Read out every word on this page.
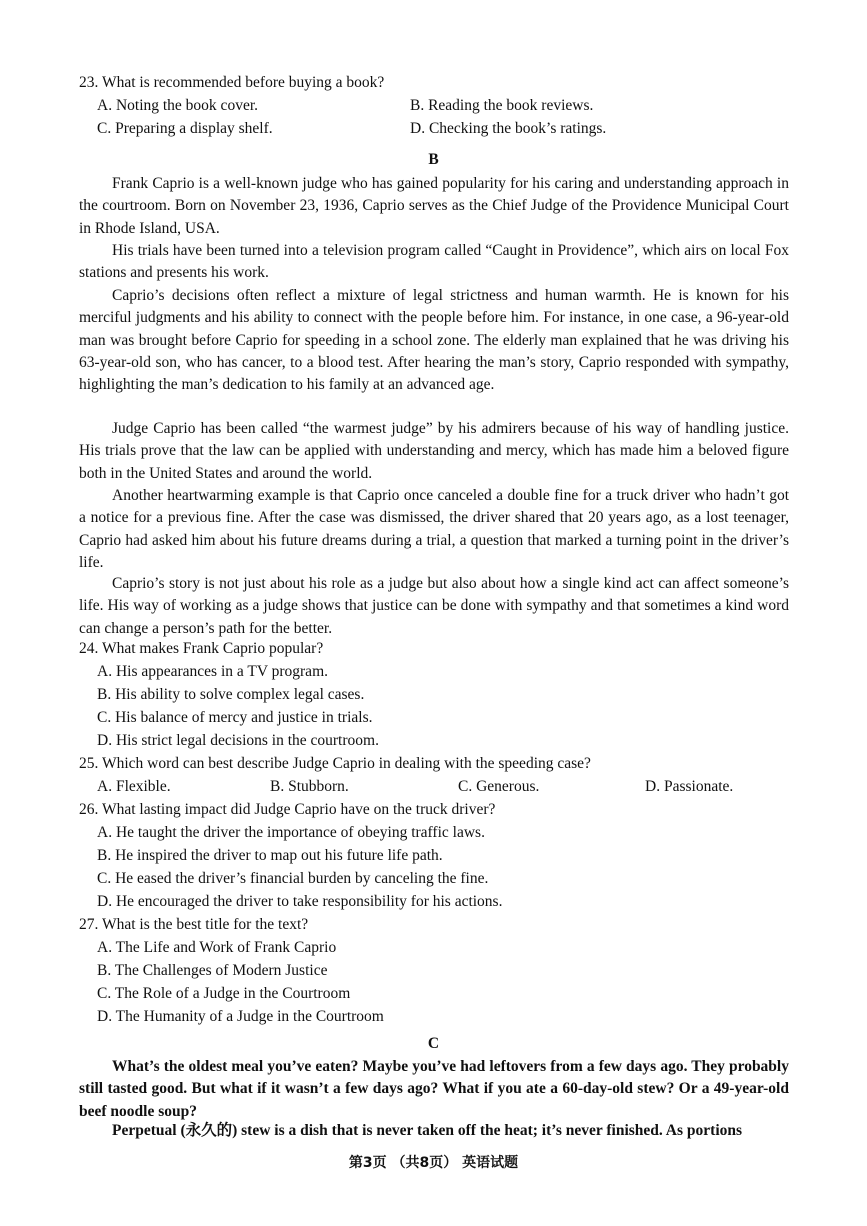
23. What is recommended before buying a book?
A. Noting the book cover.	B. Reading the book reviews.
C. Preparing a display shelf.	D. Checking the book’s ratings.
B
Frank Caprio is a well-known judge who has gained popularity for his caring and understanding approach in the courtroom. Born on November 23, 1936, Caprio serves as the Chief Judge of the Providence Municipal Court in Rhode Island, USA.
His trials have been turned into a television program called “Caught in Providence”, which airs on local Fox stations and presents his work.
Caprio’s decisions often reflect a mixture of legal strictness and human warmth. He is known for his merciful judgments and his ability to connect with the people before him. For instance, in one case, a 96-year-old man was brought before Caprio for speeding in a school zone. The elderly man explained that he was driving his 63-year-old son, who has cancer, to a blood test. After hearing the man’s story, Caprio responded with sympathy, highlighting the man’s dedication to his family at an advanced age.
Judge Caprio has been called “the warmest judge” by his admirers because of his way of handling justice. His trials prove that the law can be applied with understanding and mercy, which has made him a beloved figure both in the United States and around the world.
Another heartwarming example is that Caprio once canceled a double fine for a truck driver who hadn’t got a notice for a previous fine. After the case was dismissed, the driver shared that 20 years ago, as a lost teenager, Caprio had asked him about his future dreams during a trial, a question that marked a turning point in the driver’s life.
Caprio’s story is not just about his role as a judge but also about how a single kind act can affect someone’s life. His way of working as a judge shows that justice can be done with sympathy and that sometimes a kind word can change a person’s path for the better.
24. What makes Frank Caprio popular?
A. His appearances in a TV program.
B. His ability to solve complex legal cases.
C. His balance of mercy and justice in trials.
D. His strict legal decisions in the courtroom.
25. Which word can best describe Judge Caprio in dealing with the speeding case?
A. Flexible.	B. Stubborn.	C. Generous.	D. Passionate.
26. What lasting impact did Judge Caprio have on the truck driver?
A. He taught the driver the importance of obeying traffic laws.
B. He inspired the driver to map out his future life path.
C. He eased the driver’s financial burden by canceling the fine.
D. He encouraged the driver to take responsibility for his actions.
27. What is the best title for the text?
A. The Life and Work of Frank Caprio
B. The Challenges of Modern Justice
C. The Role of a Judge in the Courtroom
D. The Humanity of a Judge in the Courtroom
C
What’s the oldest meal you’ve eaten? Maybe you’ve had leftovers from a few days ago. They probably still tasted good. But what if it wasn’t a few days ago? What if you ate a 60-day-old stew? Or a 49-year-old beef noodle soup?
Perpetual (永久的) stew is a dish that is never taken off the heat; it’s never finished. As portions
第3页 （共8页） 英语试题
